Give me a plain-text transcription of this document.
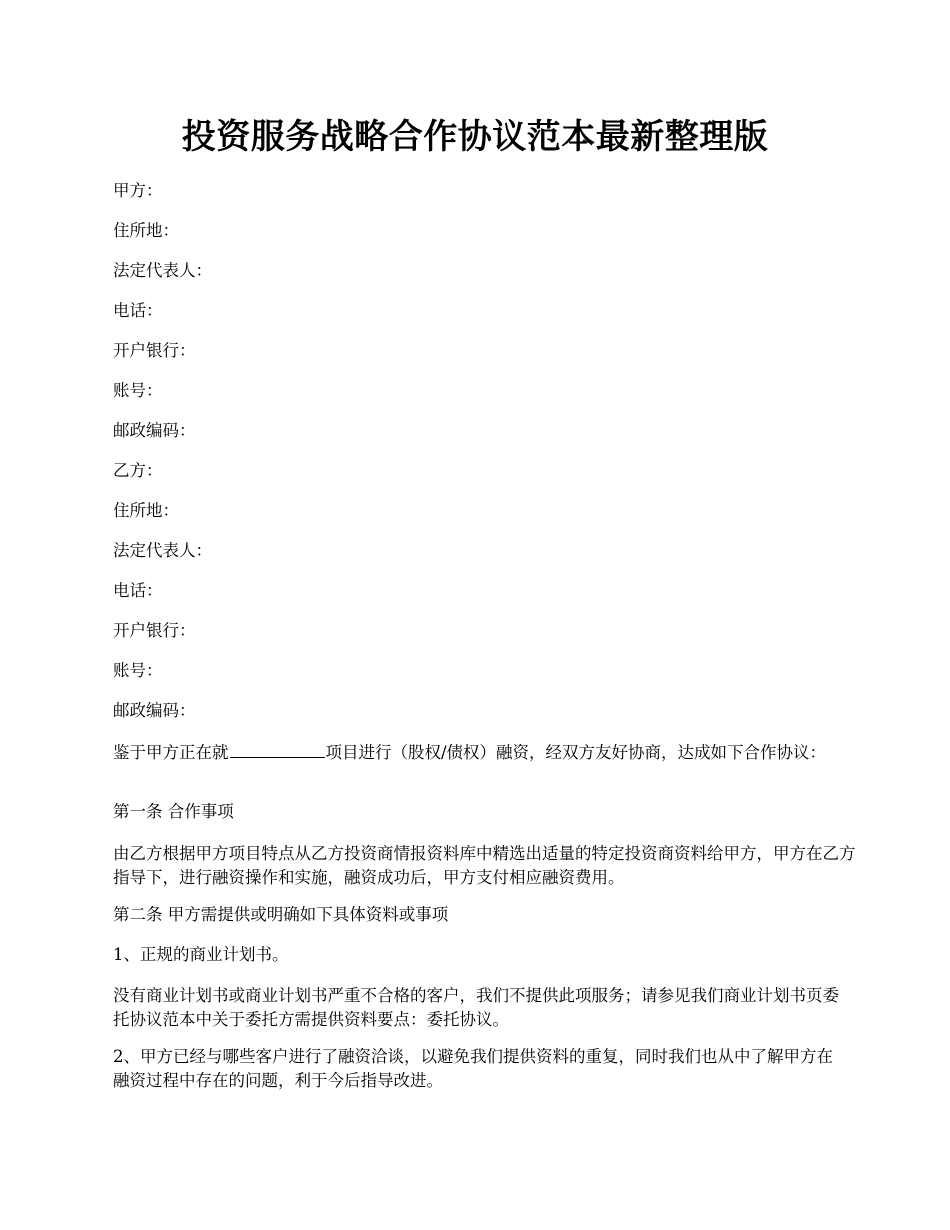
投资服务战略合作协议范本最新整理版

甲方：

住所地：

法定代表人：

电话：

开户银行：

账号：

邮政编码：

乙方：

住所地：

法定代表人：

电话：

开户银行：

账号：

邮政编码：

鉴于甲方正在就	项目进行（股权/债权）融资，经双方友好协商，达成如下合作协议：

第一条 合作事项

由乙方根据甲方项目特点从乙方投资商情报资料库中精选出适量的特定投资商资料给甲方，甲方在乙方指导下，进行融资操作和实施，融资成功后，甲方支付相应融资费用。

第二条 甲方需提供或明确如下具体资料或事项

1、正规的商业计划书。

没有商业计划书或商业计划书严重不合格的客户，我们不提供此项服务；请参见我们商业计划书页委托协议范本中关于委托方需提供资料要点：委托协议。

2、甲方已经与哪些客户进行了融资洽谈，以避免我们提供资料的重复，同时我们也从中了解甲方在融资过程中存在的问题，利于今后指导改进。
